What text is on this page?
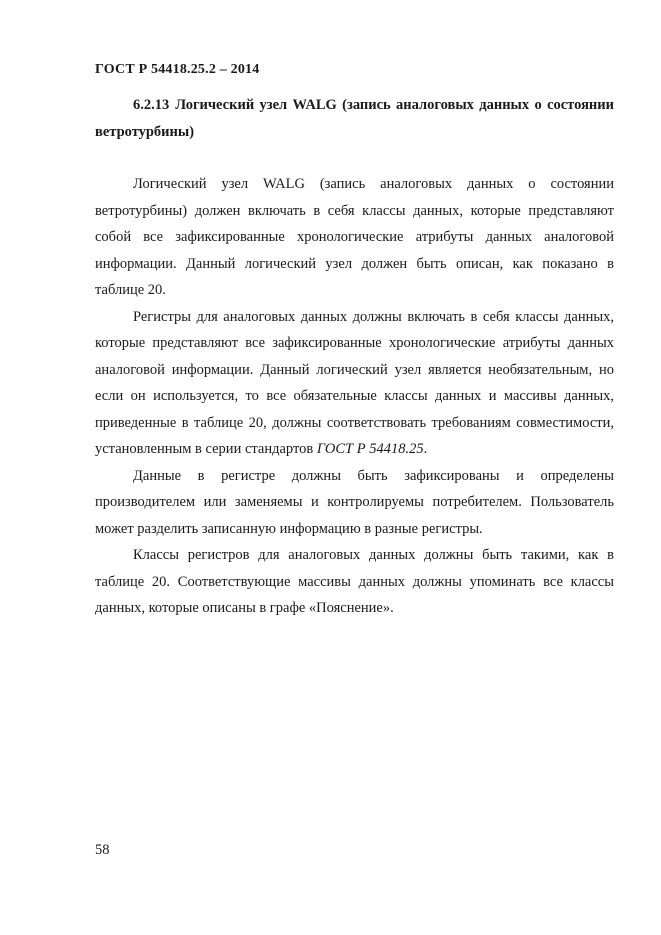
ГОСТ Р 54418.25.2 – 2014
6.2.13 Логический узел WALG (запись аналоговых данных о состоянии ветротурбины)

Логический узел WALG (запись аналоговых данных о состоянии ветротурбины) должен включать в себя классы данных, которые представляют собой все зафиксированные хронологические атрибуты данных аналоговой информации. Данный логический узел должен быть описан, как показано в таблице 20.

Регистры для аналоговых данных должны включать в себя классы данных, которые представляют все зафиксированные хронологические атрибуты данных аналоговой информации. Данный логический узел является необязательным, но если он используется, то все обязательные классы данных и массивы данных, приведенные в таблице 20, должны соответствовать требованиям совместимости, установленным в серии стандартов ГОСТ Р 54418.25.

Данные в регистре должны быть зафиксированы и определены производителем или заменяемы и контролируемы потребителем. Пользователь может разделить записанную информацию в разные регистры.

Классы регистров для аналоговых данных должны быть такими, как в таблице 20. Соответствующие массивы данных должны упоминать все классы данных, которые описаны в графе «Пояснение».

58
